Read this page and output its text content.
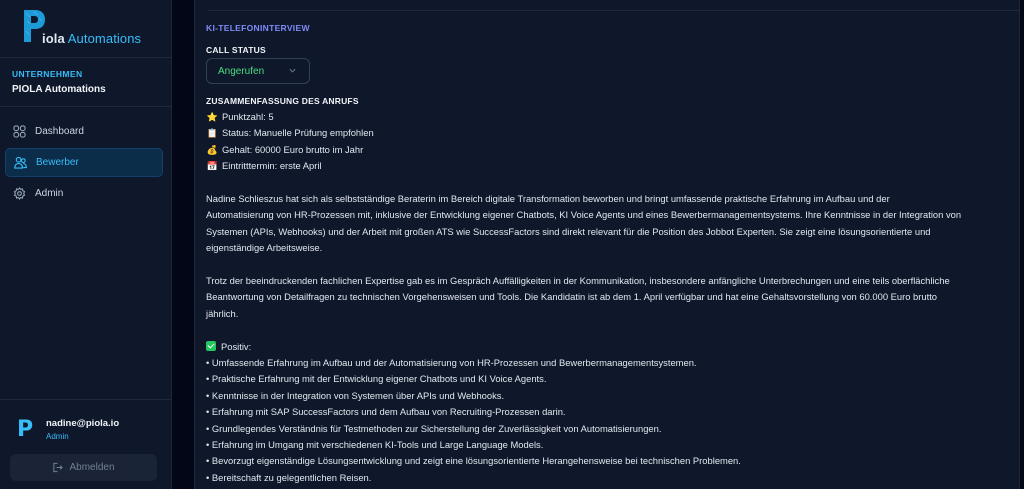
iola Automations
UNTERNEHMEN
PIOLA Automations
Dashboard
Bewerber
Admin
P nadine@piola.io
Admin
Abmelden
KI-TELEFONINTERVIEW
CALL STATUS
Angerufen
ZUSAMMENFASSUNG DES ANRUFS
⭐ Punktzahl: 5
📋 Status: Manuelle Prüfung empfohlen
💰 Gehalt: 60000 Euro brutto im Jahr
📅 Eintritttermin: erste April
Nadine Schlieszus hat sich als selbstständige Beraterin im Bereich digitale Transformation beworben und bringt umfassende praktische Erfahrung im Aufbau und der
Automatisierung von HR-Prozessen mit, inklusive der Entwicklung eigener Chatbots, KI Voice Agents und eines Bewerbermanagementsystems. Ihre Kenntnisse in der Integration von
Systemen (APIs, Webhooks) und der Arbeit mit großen ATS wie SuccessFactors sind direkt relevant für die Position des Jobbot Experten. Sie zeigt eine lösungsorientierte und
eigenständige Arbeitsweise.
Trotz der beeindruckenden fachlichen Expertise gab es im Gespräch Auffälligkeiten in der Kommunikation, insbesondere anfängliche Unterbrechungen und eine teils oberflächliche
Beantwortung von Detailfragen zu technischen Vorgehensweisen und Tools. Die Kandidatin ist ab dem 1. April verfügbar und hat eine Gehaltsvorstellung von 60.000 Euro brutto
jährlich.
Positiv:
• Umfassende Erfahrung im Aufbau und der Automatisierung von HR-Prozessen und Bewerbermanagementsystemen.
• Praktische Erfahrung mit der Entwicklung eigener Chatbots und KI Voice Agents.
• Kenntnisse in der Integration von Systemen über APIs und Webhooks.
• Erfahrung mit SAP SuccessFactors und dem Aufbau von Recruiting-Prozessen darin.
• Grundlegendes Verständnis für Testmethoden zur Sicherstellung der Zuverlässigkeit von Automatisierungen.
• Erfahrung im Umgang mit verschiedenen KI-Tools und Large Language Models.
• Bevorzugt eigenständige Lösungsentwicklung und zeigt eine lösungsorientierte Herangehensweise bei technischen Problemen.
• Bereitschaft zu gelegentlichen Reisen.
